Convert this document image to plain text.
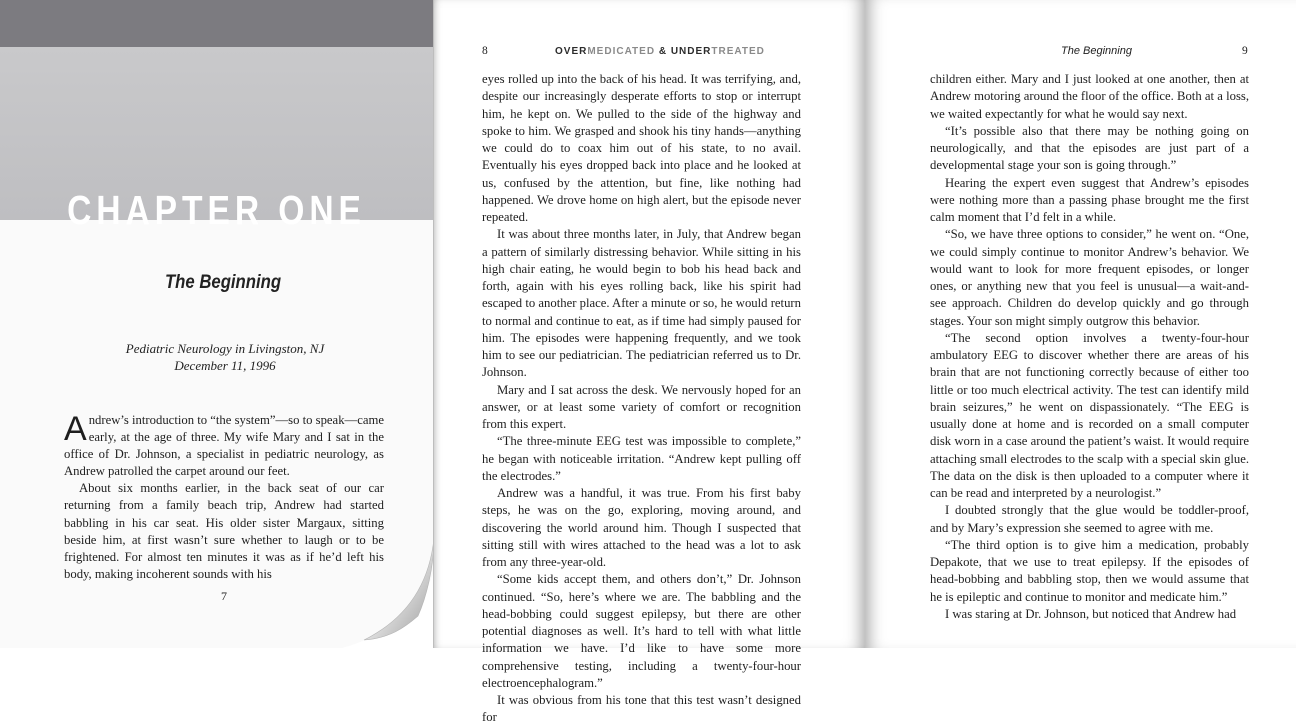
CHAPTER ONE
The Beginning
Pediatric Neurology in Livingston, NJ
December 11, 1996

Andrew’s introduction to “the system”—so to speak—came early, at the age of three. My wife Mary and I sat in the office of Dr. Johnson, a specialist in pediatric neurology, as Andrew patrolled the carpet around our feet.

About six months earlier, in the back seat of our car returning from a family beach trip, Andrew had started babbling in his car seat. His older sister Margaux, sitting beside him, at first wasn’t sure whether to laugh or to be frightened. For almost ten minutes it was as if he’d left his body, making incoherent sounds with his

7
8	OVERMEDICATED & UNDERTREATED

eyes rolled up into the back of his head. It was terrifying, and, despite our increasingly desperate efforts to stop or interrupt him, he kept on. We pulled to the side of the highway and spoke to him. We grasped and shook his tiny hands—anything we could do to coax him out of his state, to no avail. Eventually his eyes dropped back into place and he looked at us, confused by the attention, but fine, like nothing had happened. We drove home on high alert, but the episode never repeated.

It was about three months later, in July, that Andrew began a pattern of similarly distressing behavior. While sitting in his high chair eating, he would begin to bob his head back and forth, again with his eyes rolling back, like his spirit had escaped to another place. After a minute or so, he would return to normal and continue to eat, as if time had simply paused for him. The episodes were happening frequently, and we took him to see our pediatrician. The pediatrician referred us to Dr. Johnson.

Mary and I sat across the desk. We nervously hoped for an answer, or at least some variety of comfort or recognition from this expert.

“The three-minute EEG test was impossible to complete,” he began with noticeable irritation. “Andrew kept pulling off the electrodes.”

Andrew was a handful, it was true. From his first baby steps, he was on the go, exploring, moving around, and discovering the world around him. Though I suspected that sitting still with wires attached to the head was a lot to ask from any three-year-old.

“Some kids accept them, and others don’t,” Dr. Johnson continued. “So, here’s where we are. The babbling and the head-bobbing could suggest epilepsy, but there are other potential diagnoses as well. It’s hard to tell with what little information we have. I’d like to have some more comprehensive testing, including a twenty-four-hour electroencephalogram.”

It was obvious from his tone that this test wasn’t designed for

The Beginning	9

children either. Mary and I just looked at one another, then at Andrew motoring around the floor of the office. Both at a loss, we waited expectantly for what he would say next.

“It’s possible also that there may be nothing going on neurologically, and that the episodes are just part of a developmental stage your son is going through.”

Hearing the expert even suggest that Andrew’s episodes were nothing more than a passing phase brought me the first calm moment that I’d felt in a while.

“So, we have three options to consider,” he went on. “One, we could simply continue to monitor Andrew’s behavior. We would want to look for more frequent episodes, or longer ones, or anything new that you feel is unusual—a wait-and-see approach. Children do develop quickly and go through stages. Your son might simply outgrow this behavior.

“The second option involves a twenty-four-hour ambulatory EEG to discover whether there are areas of his brain that are not functioning correctly because of either too little or too much electrical activity. The test can identify mild brain seizures,” he went on dispassionately. “The EEG is usually done at home and is recorded on a small computer disk worn in a case around the patient’s waist. It would require attaching small electrodes to the scalp with a special skin glue. The data on the disk is then uploaded to a computer where it can be read and interpreted by a neurologist.”

I doubted strongly that the glue would be toddler-proof, and by Mary’s expression she seemed to agree with me.

“The third option is to give him a medication, probably Depakote, that we use to treat epilepsy. If the episodes of head-bobbing and babbling stop, then we would assume that he is epileptic and continue to monitor and medicate him.”

I was staring at Dr. Johnson, but noticed that Andrew had
